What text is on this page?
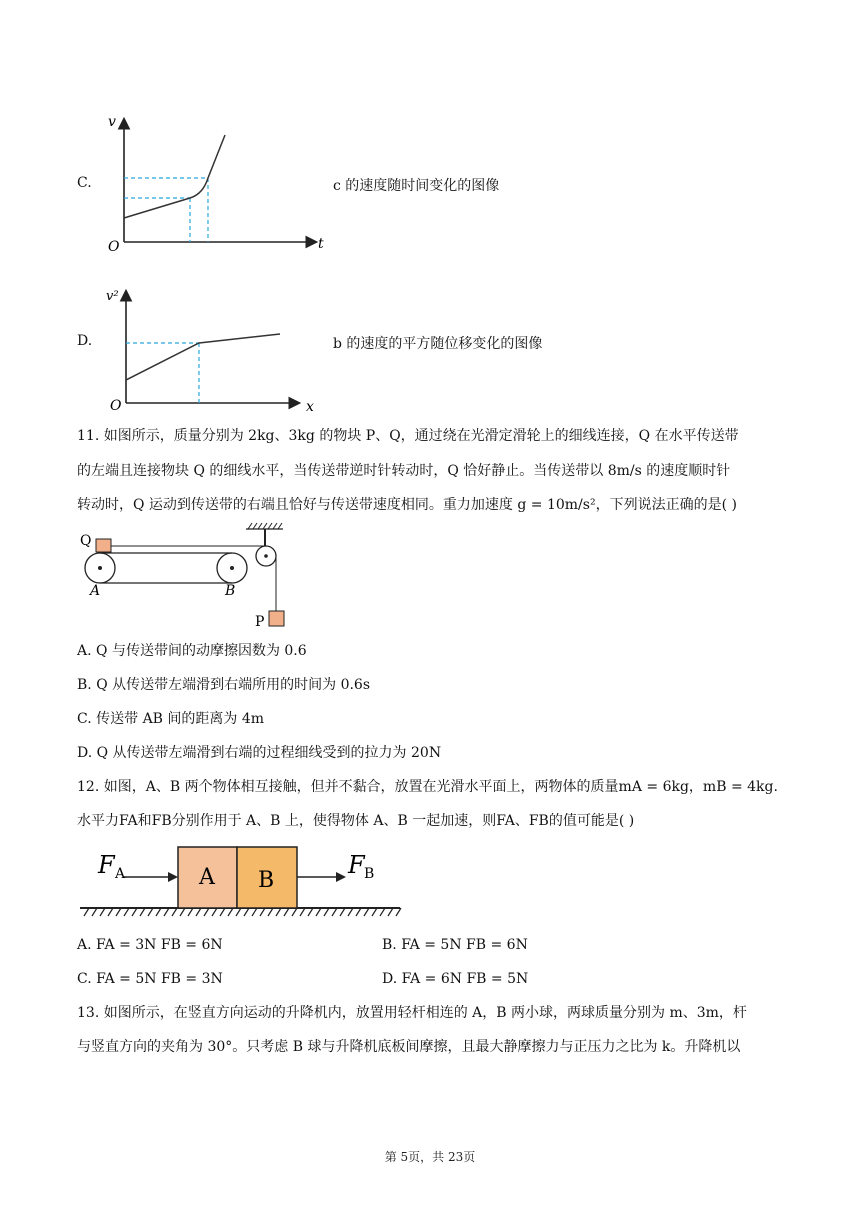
C.
v
t
O
c 的速度随时间变化的图像
D.
v²
x
O
b 的速度的平方随位移变化的图像
11. 如图所示，质量分别为 2kg、3kg 的物块 P、Q，通过绕在光滑定滑轮上的细线连接，Q 在水平传送带
的左端且连接物块 Q 的细线水平，当传送带逆时针转动时，Q 恰好静止。当传送带以 8m/s 的速度顺时针
转动时，Q 运动到传送带的右端且恰好与传送带速度相同。重力加速度 g = 10m/s²，下列说法正确的是( )
Q
P
A	B
A. Q 与传送带间的动摩擦因数为 0.6
B. Q 从传送带左端滑到右端所用的时间为 0.6s
C. 传送带 AB 间的距离为 4m
D. Q 从传送带左端滑到右端的过程细线受到的拉力为 20N
12. 如图，A、B 两个物体相互接触，但并不黏合，放置在光滑水平面上，两物体的质量mA = 6kg，mB = 4kg.
水平力FA和FB分别作用于 A、B 上，使得物体 A、B 一起加速，则FA、FB的值可能是( )
A B
F A	F B
A. FA = 3N FB = 6N	B. FA = 5N FB = 6N
C. FA = 5N FB = 3N	D. FA = 6N FB = 5N
13. 如图所示，在竖直方向运动的升降机内，放置用轻杆相连的 A，B 两小球，两球质量分别为 m、3m，杆
与竖直方向的夹角为 30°。只考虑 B 球与升降机底板间摩擦，且最大静摩擦力与正压力之比为 k。升降机以
第 5页，共 23页
